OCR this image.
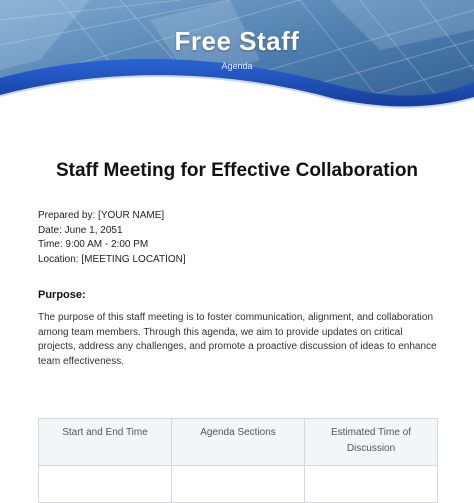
Free Staff
Agenda
Staff Meeting for Effective Collaboration
Prepared by: [YOUR NAME]
Date: June 1, 2051
Time: 9:00 AM - 2:00 PM
Location: [MEETING LOCATION]
Purpose:
The purpose of this staff meeting is to foster communication, alignment, and collaboration among team members. Through this agenda, we aim to provide updates on critical projects, address any challenges, and promote a proactive discussion of ideas to enhance team effectiveness.
Start and End Time	Agenda Sections	Estimated Time of Discussion
